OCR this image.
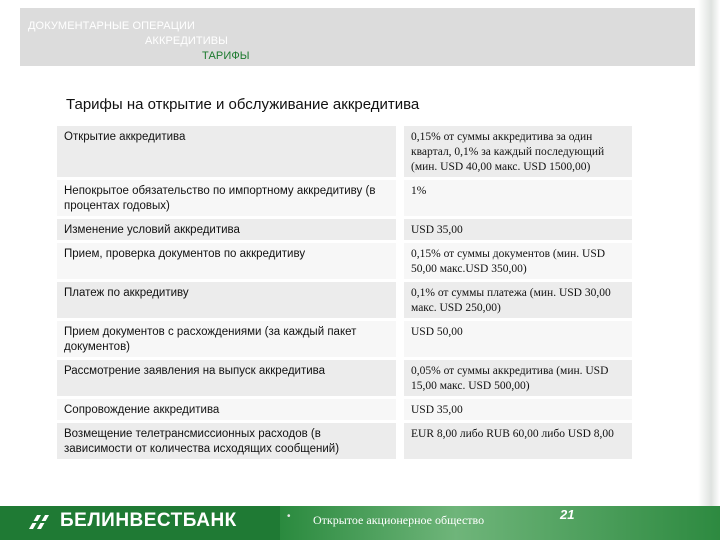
ДОКУМЕНТАРНЫЕ ОПЕРАЦИИ
АККРЕДИТИВЫ
ТАРИФЫ
Тарифы на открытие и обслуживание аккредитива
Открытие аккредитива		0,15% от суммы аккредитива за один квартал, 0,1% за каждый последующий (мин. USD 40,00 макс. USD 1500,00)
Непокрытое обязательство по импортному аккредитиву (в процентах годовых)		1%
Изменение условий аккредитива		USD 35,00
Прием, проверка документов по аккредитиву		0,15% от суммы документов (мин. USD 50,00 макс.USD 350,00)
Платеж по аккредитиву		0,1% от суммы платежа (мин. USD 30,00 макс. USD 250,00)
Прием документов с расхождениями (за каждый пакет документов)		USD 50,00
Рассмотрение заявления на выпуск аккредитива		0,05% от суммы аккредитива (мин. USD 15,00 макс. USD 500,00)
Сопровождение аккредитива		USD 35,00
Возмещение телетрансмиссионных расходов (в зависимости от количества исходящих сообщений)		EUR 8,00 либо RUB 60,00 либо USD 8,00
БЕЛИНВЕСТБАНК	• Открытое акционерное общество	21
